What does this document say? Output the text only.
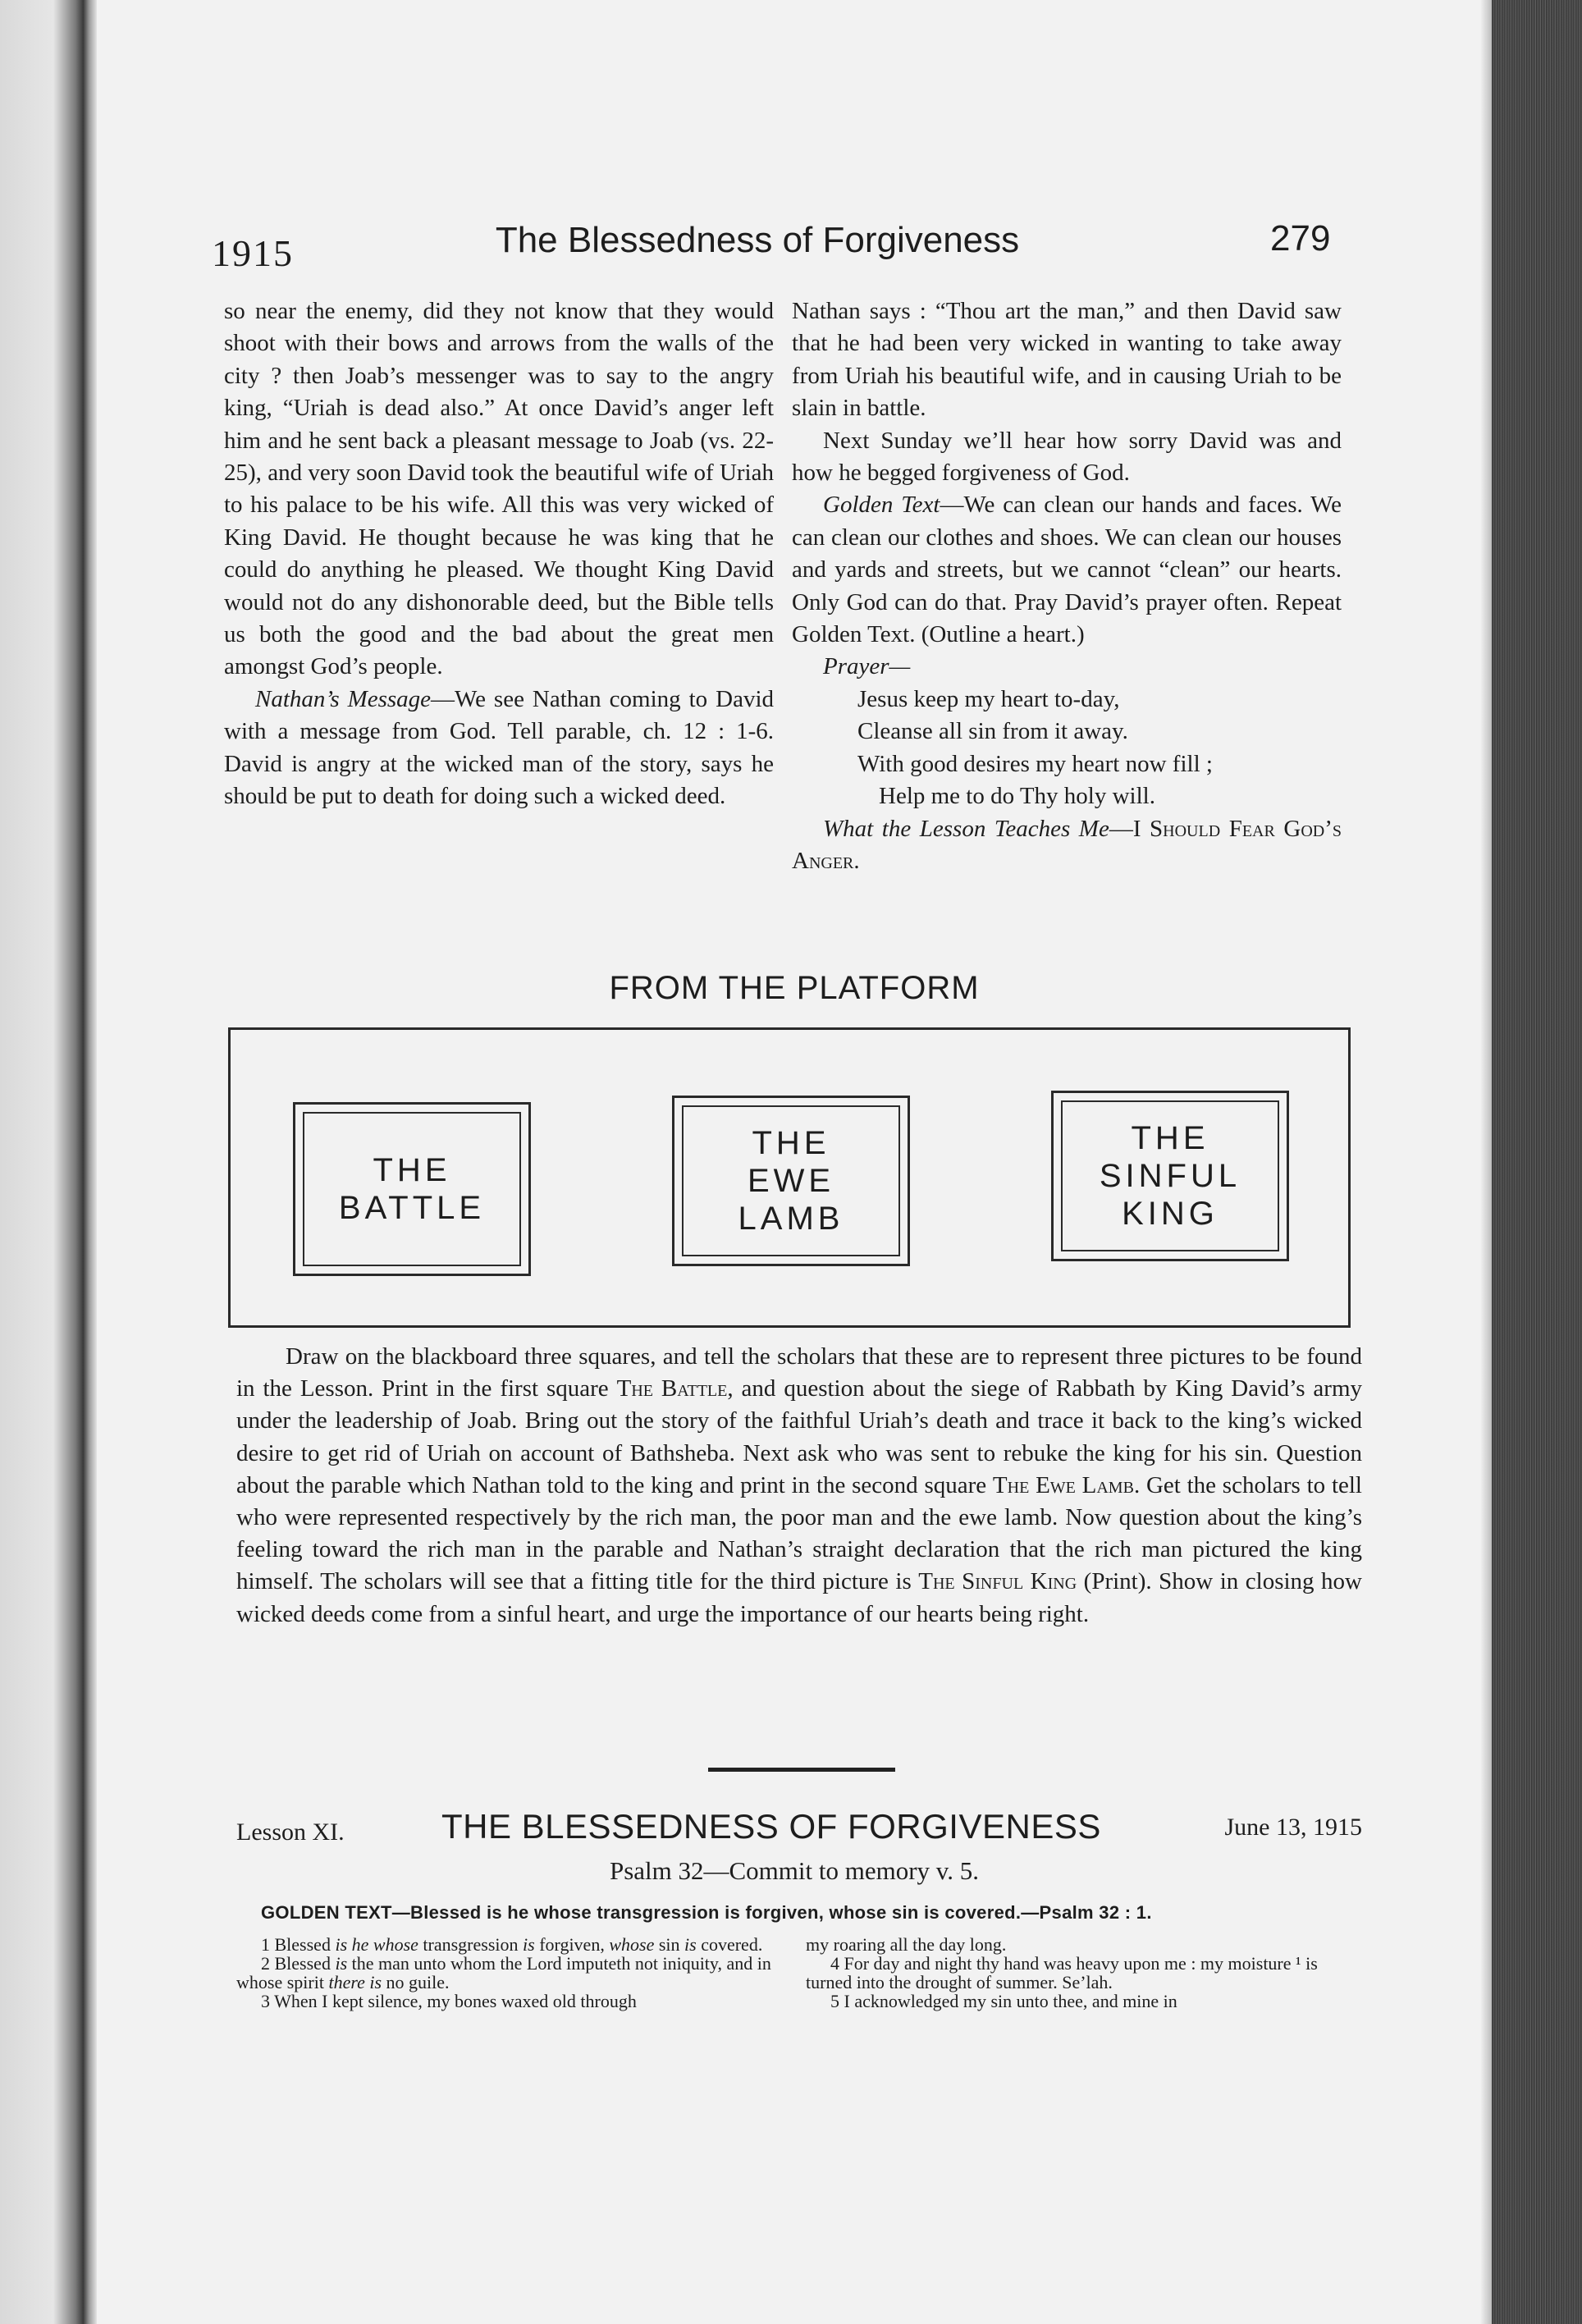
1915	The Blessedness of Forgiveness	279

so near the enemy, did they not know that they would shoot with their bows and arrows from the walls of the city ? then Joab’s messenger was to say to the angry king, “Uriah is dead also.” At once David’s anger left him and he sent back a pleasant message to Joab (vs. 22-25), and very soon David took the beautiful wife of Uriah to his palace to be his wife. All this was very wicked of King David. He thought because he was king that he could do anything he pleased. We thought King David would not do any dishonorable deed, but the Bible tells us both the good and the bad about the great men amongst God’s people.

Nathan’s Message—We see Nathan coming to David with a message from God. Tell parable, ch. 12 : 1-6. David is angry at the wicked man of the story, says he should be put to death for doing such a wicked deed.

Nathan says : “Thou art the man,” and then David saw that he had been very wicked in wanting to take away from Uriah his beautiful wife, and in causing Uriah to be slain in battle.

Next Sunday we’ll hear how sorry David was and how he begged forgiveness of God.

Golden Text—We can clean our hands and faces. We can clean our clothes and shoes. We can clean our houses and yards and streets, but we cannot “clean” our hearts. Only God can do that. Pray David’s prayer often. Repeat Golden Text. (Outline a heart.)

Prayer—

Jesus keep my heart to-day,
Cleanse all sin from it away.
With good desires my heart now fill ;
Help me to do Thy holy will.

What the Lesson Teaches Me—I Should Fear God’s Anger.

FROM THE PLATFORM
THE
BATTLE
THE
EWE
LAMB
THE
SINFUL
KING

Draw on the blackboard three squares, and tell the scholars that these are to represent three pictures to be found in the Lesson. Print in the first square The Battle, and question about the siege of Rabbath by King David’s army under the leadership of Joab. Bring out the story of the faithful Uriah’s death and trace it back to the king’s wicked desire to get rid of Uriah on account of Bathsheba. Next ask who was sent to rebuke the king for his sin. Question about the parable which Nathan told to the king and print in the second square The Ewe Lamb. Get the scholars to tell who were represented respectively by the rich man, the poor man and the ewe lamb. Now question about the king’s feeling toward the rich man in the parable and Nathan’s straight declaration that the rich man pictured the king himself. The scholars will see that a fitting title for the third picture is The Sinful King (Print). Show in closing how wicked deeds come from a sinful heart, and urge the importance of our hearts being right.

Lesson XI.	THE BLESSEDNESS OF FORGIVENESS	June 13, 1915
Psalm 32—Commit to memory v. 5.
GOLDEN TEXT—Blessed is he whose transgression is forgiven, whose sin is covered.—Psalm 32 : 1.

1 Blessed is he whose transgression is forgiven, whose sin is covered.

2 Blessed is the man unto whom the Lord imputeth not iniquity, and in whose spirit there is no guile.

3 When I kept silence, my bones waxed old through

my roaring all the day long.

4 For day and night thy hand was heavy upon me : my moisture ¹ is turned into the drought of summer. Se’lah.

5 I acknowledged my sin unto thee, and mine in
